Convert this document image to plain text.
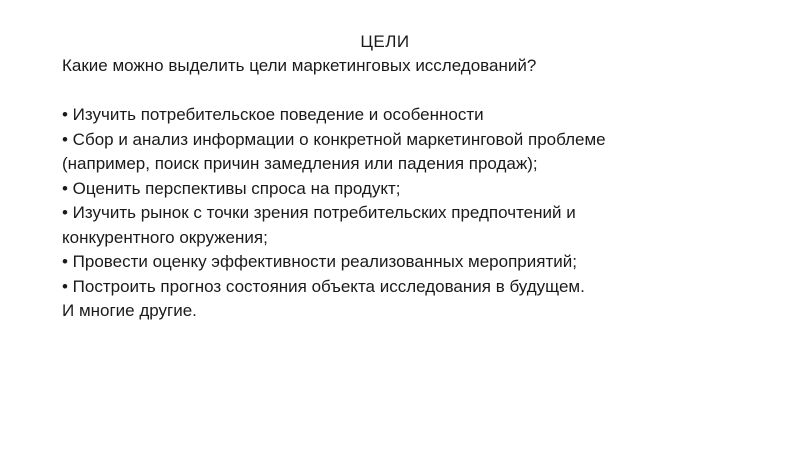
ЦЕЛИ

Какие можно выделить цели маркетинговых исследований?

• Изучить потребительское поведение и особенности

• Сбор и анализ информации о конкретной маркетинговой проблеме

(например, поиск причин замедления или падения продаж);

• Оценить перспективы спроса на продукт;

• Изучить рынок с точки зрения потребительских предпочтений и

конкурентного окружения;

• Провести оценку эффективности реализованных мероприятий;

• Построить прогноз состояния объекта исследования в будущем.

И многие другие.
